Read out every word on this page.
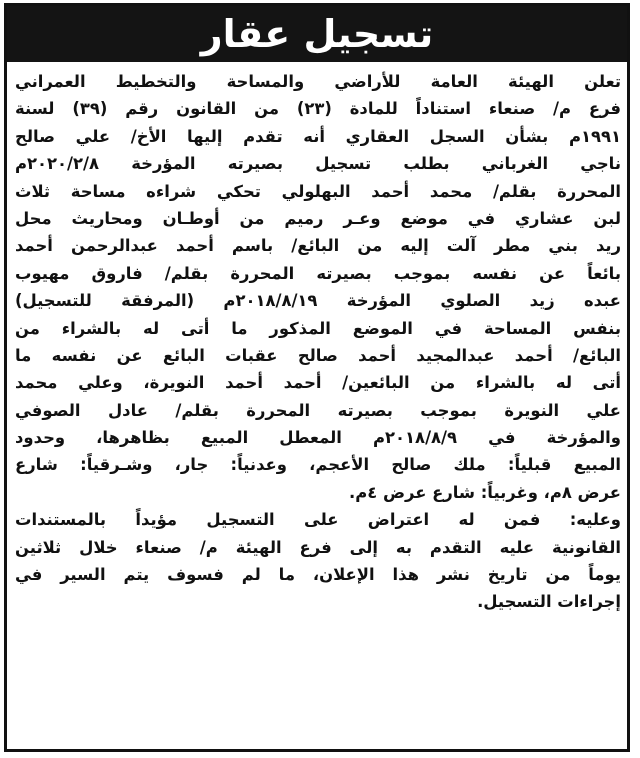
تسجيل عقار
تعلن الهيئة العامة للأراضي والمساحة والتخطيط العمراني
فرع م/ صنعاء استناداً للمادة (٢٣) من القانون رقم (٣٩) لسنة
١٩٩١م بشأن السجل العقاري أنه تقدم إليها الأخ/ علي صالح
ناجي الغرباني بطلب تسجيل بصيرته المؤرخة ٢٠٢٠/٢/٨م
المحررة بقلم/ محمد أحمد البهلولي تحكي شراءه مساحة ثلاث
لبن عشاري في موضع وعـر رميم من أوطـان ومحاريث محل
ريد بني مطر آلت إليه من البائع/ باسم أحمد عبدالرحمن أحمد
بائعاً عن نفسه بموجب بصيرته المحررة بقلم/ فاروق مهيوب
عبده زيد الصلوي المؤرخة ٢٠١٨/٨/١٩م (المرفقة للتسجيل)
بنفس المساحة في الموضع المذكور ما أتى له بالشراء من
البائع/ أحمد عبدالمجيد أحمد صالح عقبات البائع عن نفسه ما
أتى له بالشراء من البائعين/ أحمد أحمد النويرة، وعلي محمد
علي النويرة بموجب بصيرته المحررة بقلم/ عادل الصوفي
والمؤرخة في ٢٠١٨/٨/٩م المعطل المبيع بظاهرها، وحدود
المبيع قبلياً: ملك صالح الأعجم، وعدنياً: جار، وشـرقياً: شارع
عرض ٨م، وغربياً: شارع عرض ٤م.
وعليه: فمن له اعتراض على التسجيل مؤيداً بالمستندات
القانونية عليه التقدم به إلى فرع الهيئة م/ صنعاء خلال ثلاثين
يوماً من تاريخ نشر هذا الإعلان، ما لم فسوف يتم السير في
إجراءات التسجيل.
